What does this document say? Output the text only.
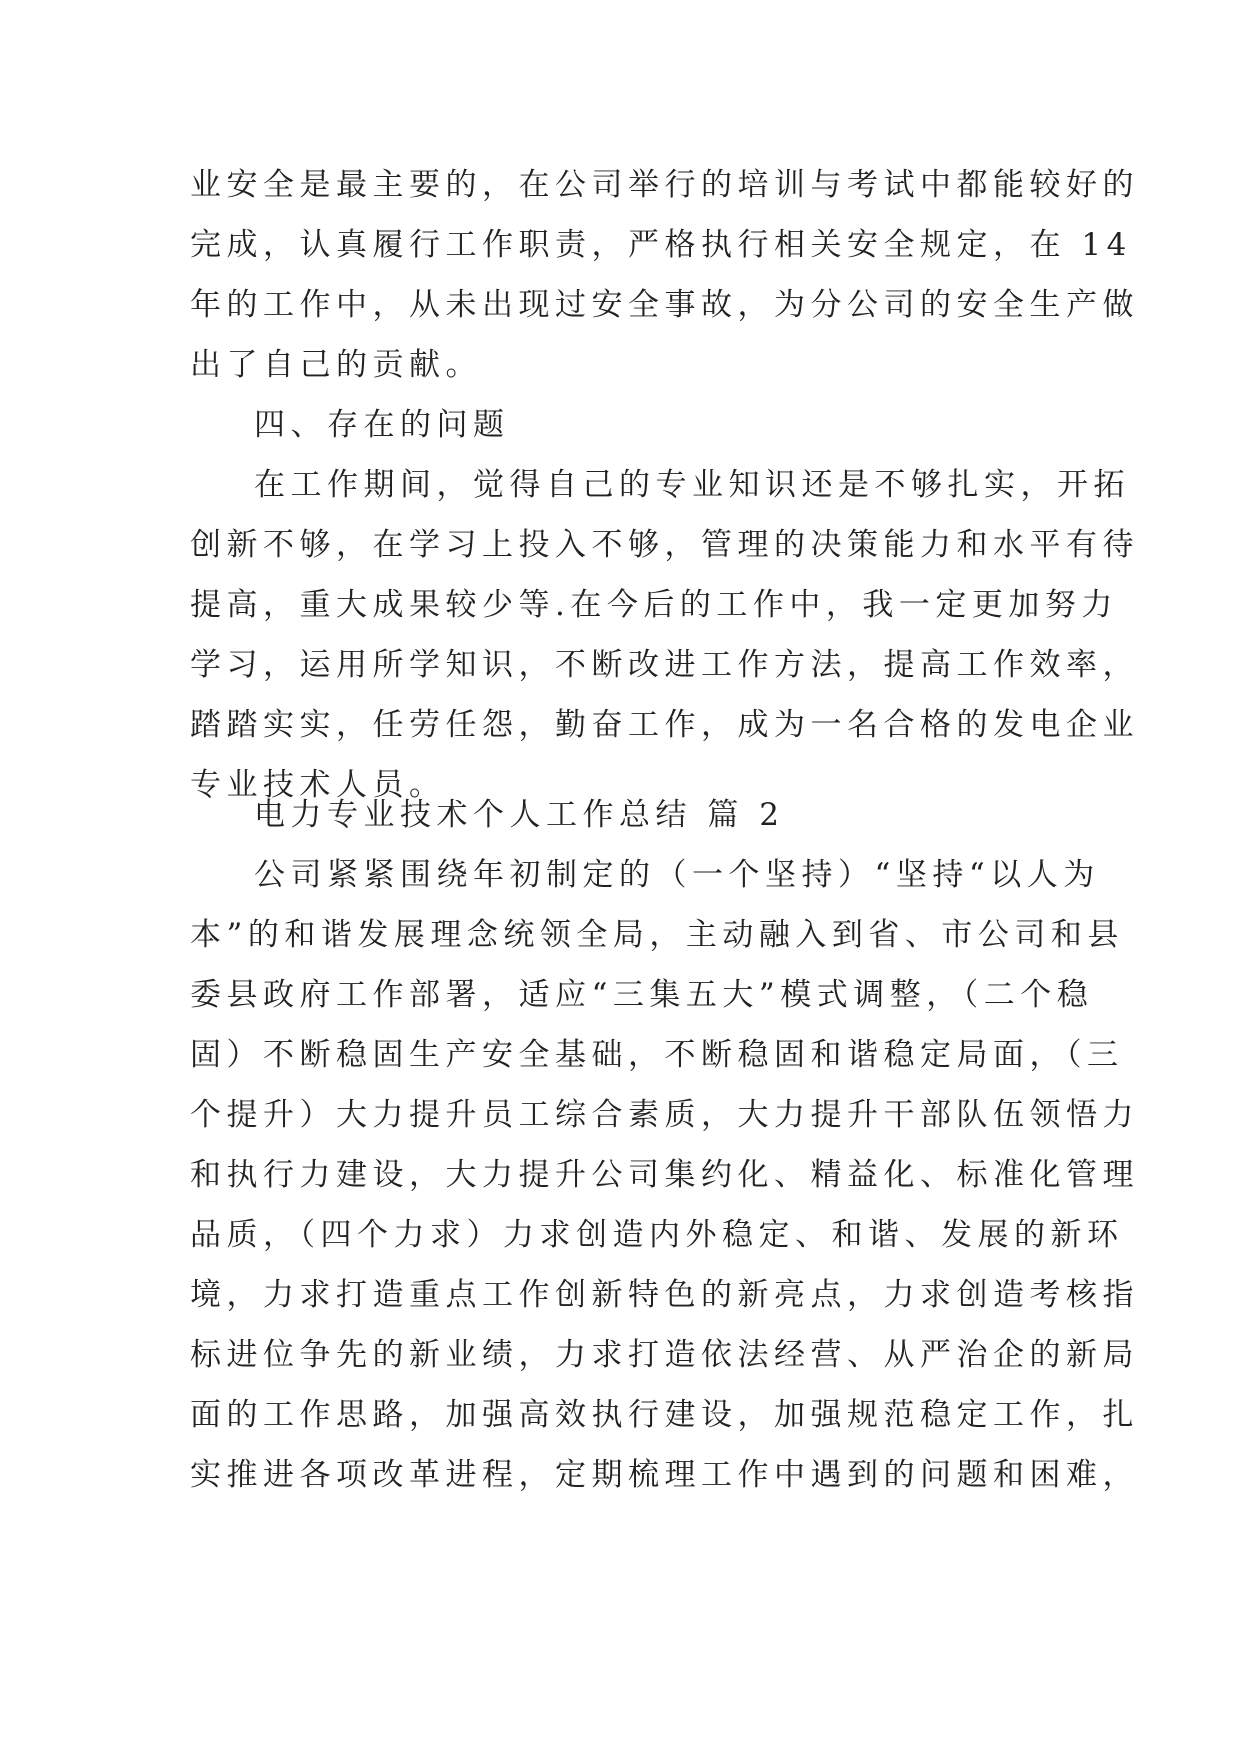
业安全是最主要的，在公司举行的培训与考试中都能较好的
完成，认真履行工作职责，严格执行相关安全规定，在 14
年的工作中，从未出现过安全事故，为分公司的安全生产做
出了自己的贡献。
四、存在的问题
在工作期间，觉得自己的专业知识还是不够扎实，开拓
创新不够，在学习上投入不够，管理的决策能力和水平有待
提高，重大成果较少等.在今后的工作中，我一定更加努力
学习，运用所学知识，不断改进工作方法，提高工作效率，
踏踏实实，任劳任怨，勤奋工作，成为一名合格的发电企业
专业技术人员。
电力专业技术个人工作总结 篇 2
公司紧紧围绕年初制定的（一个坚持）“坚持“以人为
本”的和谐发展理念统领全局，主动融入到省、市公司和县
委县政府工作部署，适应“三集五大”模式调整，（二个稳
固）不断稳固生产安全基础，不断稳固和谐稳定局面，（三
个提升）大力提升员工综合素质，大力提升干部队伍领悟力
和执行力建设，大力提升公司集约化、精益化、标准化管理
品质，（四个力求）力求创造内外稳定、和谐、发展的新环
境，力求打造重点工作创新特色的新亮点，力求创造考核指
标进位争先的新业绩，力求打造依法经营、从严治企的新局
面的工作思路，加强高效执行建设，加强规范稳定工作，扎
实推进各项改革进程，定期梳理工作中遇到的问题和困难，
